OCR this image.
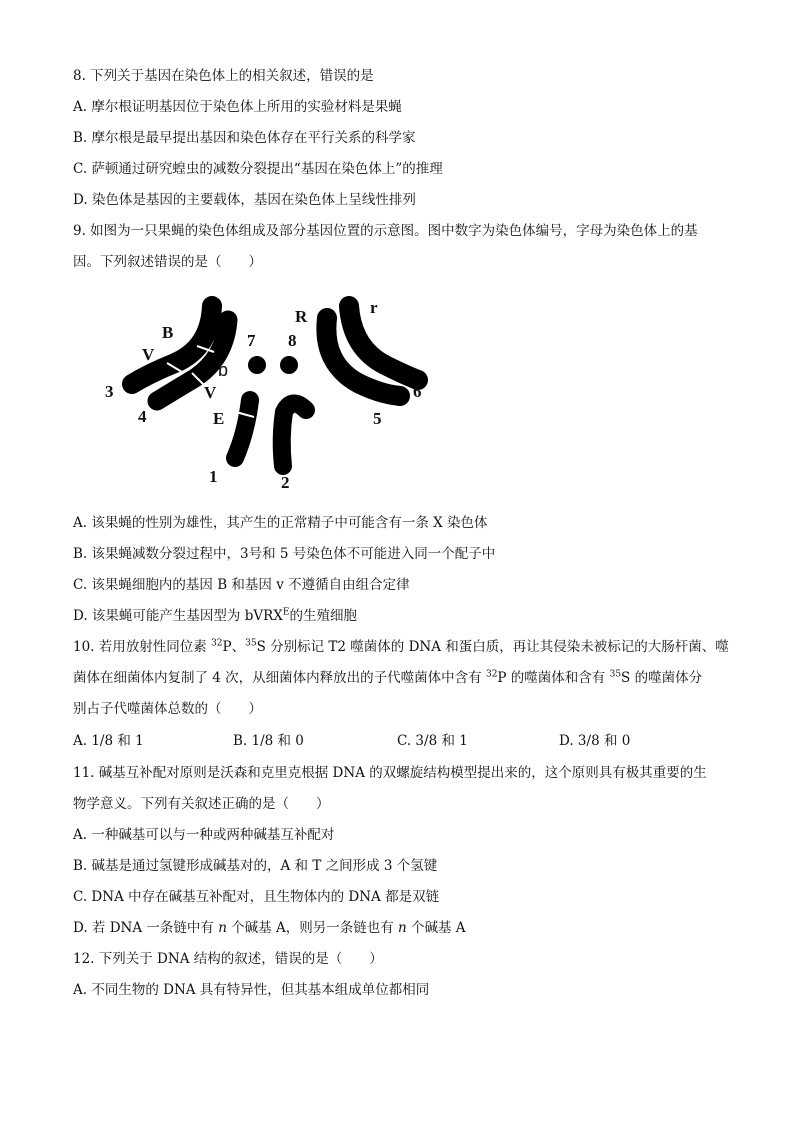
8. 下列关于基因在染色体上的相关叙述，错误的是
A. 摩尔根证明基因位于染色体上所用的实验材料是果蝇
B. 摩尔根是最早提出基因和染色体存在平行关系的科学家
C. 萨顿通过研究蝗虫的减数分裂提出“基因在染色体上”的推理
D. 染色体是基因的主要载体，基因在染色体上呈线性排列
9. 如图为一只果蝇的染色体组成及部分基因位置的示意图。图中数字为染色体编号，字母为染色体上的基
因。下列叙述错误的是（　　）
B
V
b
V
E
R	r
7 8
3
4
6
5
1	2
A. 该果蝇的性别为雄性，其产生的正常精子中可能含有一条 X 染色体
B. 该果蝇减数分裂过程中，3号和 5 号染色体不可能进入同一个配子中
C. 该果蝇细胞内的基因 B 和基因 v 不遵循自由组合定律
D. 该果蝇可能产生基因型为 bVRX$^E$的生殖细胞
10. 若用放射性同位素 $^{32}$P、$^{35}$S 分别标记 T2 噬菌体的 DNA 和蛋白质，再让其侵染未被标记的大肠杆菌、噬
菌体在细菌体内复制了 4 次，从细菌体内释放出的子代噬菌体中含有 $^{32}$P 的噬菌体和含有 $^{35}$S 的噬菌体分
别占子代噬菌体总数的（　　）
A. 1/8 和 1	B. 1/8 和 0	C. 3/8 和 1	D. 3/8 和 0
11. 碱基互补配对原则是沃森和克里克根据 DNA 的双螺旋结构模型提出来的，这个原则具有极其重要的生
物学意义。下列有关叙述正确的是（　　）
A. 一种碱基可以与一种或两种碱基互补配对
B. 碱基是通过氢键形成碱基对的，A 和 T 之间形成 3 个氢键
C. DNA 中存在碱基互补配对，且生物体内的 DNA 都是双链
D. 若 DNA 一条链中有 n 个碱基 A，则另一条链也有 n 个碱基 A
12. 下列关于 DNA 结构的叙述，错误的是（　　）
A. 不同生物的 DNA 具有特异性，但其基本组成单位都相同
